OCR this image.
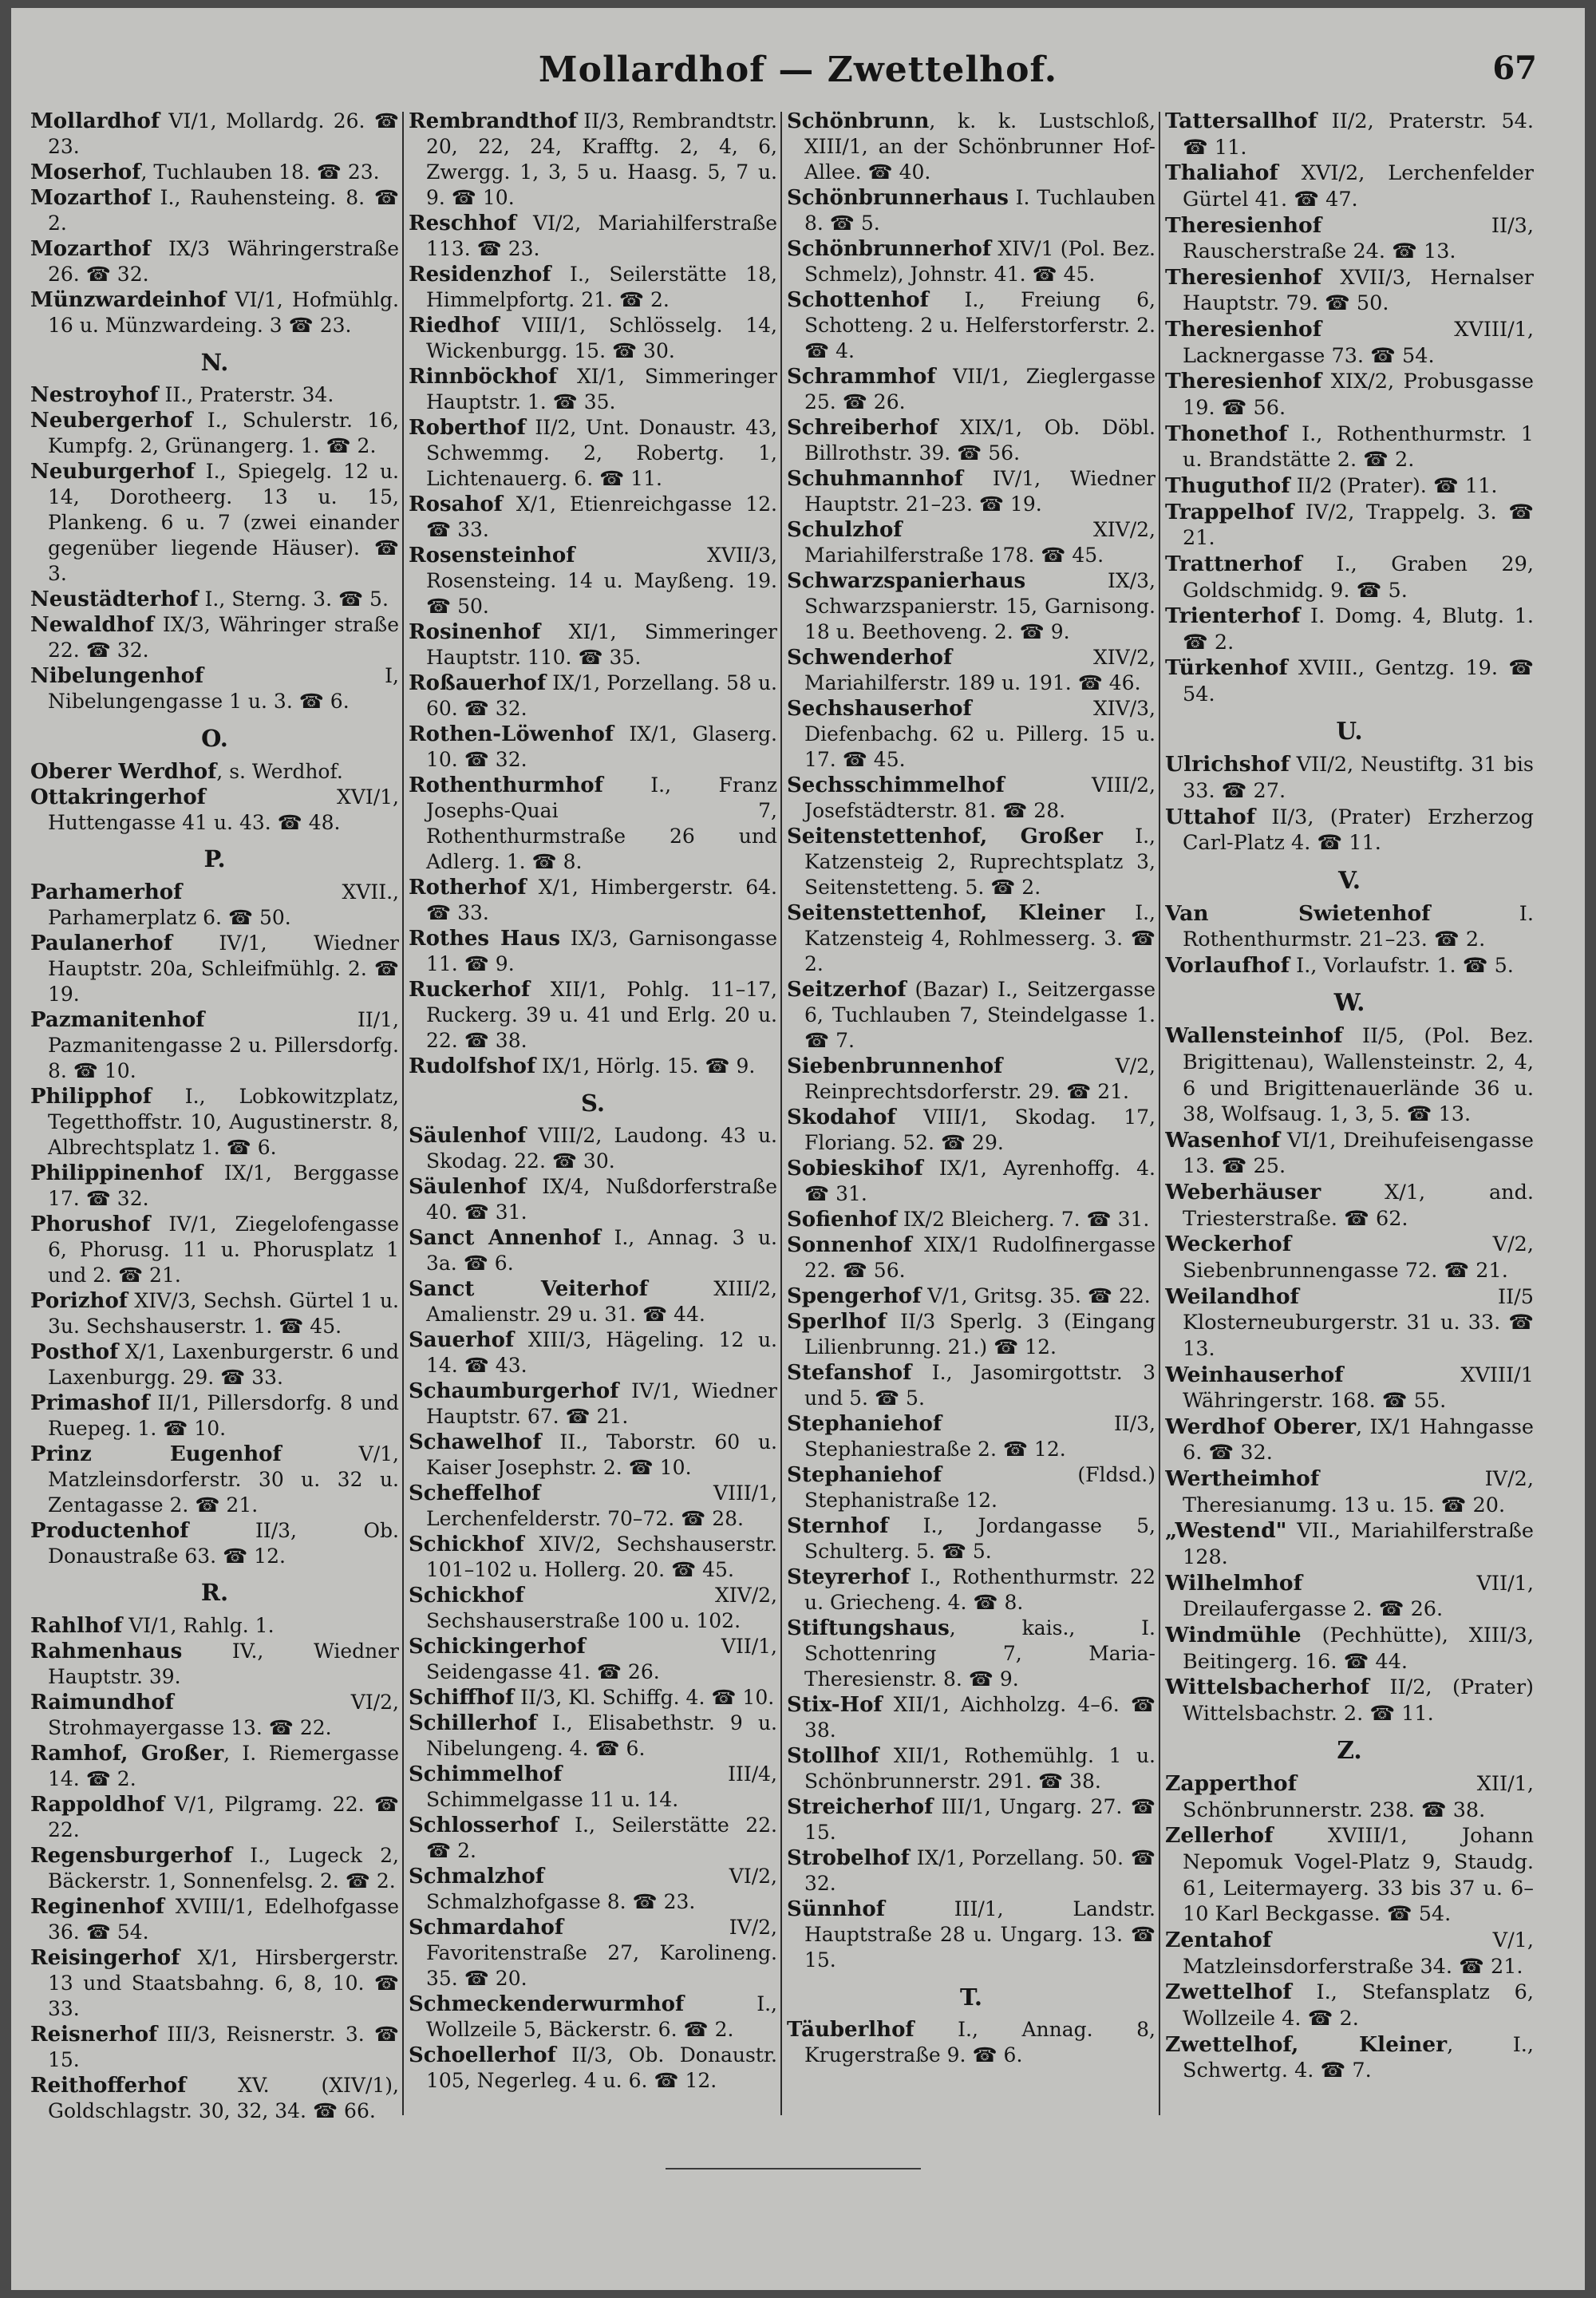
Mollardhof — Zwettelhof.	67

Mollardhof VI/1, Mollardg. 26. ☎ 23.

Moserhof, Tuchlauben 18. ☎ 23.

Mozarthof I., Rauhensteing. 8. ☎ 2.

Mozarthof IX/3 Währingerstraße 26. ☎ 32.

Münzwardeinhof VI/1, Hofmühlg. 16 u. Münzwardeing. 3 ☎ 23.

N.

Nestroyhof II., Praterstr. 34.

Neubergerhof I., Schulerstr. 16, Kumpfg. 2, Grünangerg. 1. ☎ 2.

Neuburgerhof I., Spiegelg. 12 u. 14, Dorotheerg. 13 u. 15, Plankeng. 6 u. 7 (zwei einander gegenüber liegende Häuser). ☎ 3.

Neustädterhof I., Sterng. 3. ☎ 5.

Newaldhof IX/3, Währinger straße 22. ☎ 32.

Nibelungenhof I, Nibelungengasse 1 u. 3. ☎ 6.

O.

Oberer Werdhof, s. Werdhof.

Ottakringerhof XVI/1, Huttengasse 41 u. 43. ☎ 48.

P.

Parhamerhof XVII., Parhamerplatz 6. ☎ 50.

Paulanerhof IV/1, Wiedner Hauptstr. 20a, Schleifmühlg. 2. ☎ 19.

Pazmanitenhof II/1, Pazmanitengasse 2 u. Pillersdorfg. 8. ☎ 10.

Philipphof I., Lobkowitzplatz, Tegetthoffstr. 10, Augustinerstr. 8, Albrechtsplatz 1. ☎ 6.

Philippinenhof IX/1, Berggasse 17. ☎ 32.

Phorushof IV/1, Ziegelofengasse 6, Phorusg. 11 u. Phorusplatz 1 und 2. ☎ 21.

Porizhof XIV/3, Sechsh. Gürtel 1 u. 3u. Sechshauserstr. 1. ☎ 45.

Posthof X/1, Laxenburgerstr. 6 und Laxenburgg. 29. ☎ 33.

Primashof II/1, Pillersdorfg. 8 und Ruepeg. 1. ☎ 10.

Prinz Eugenhof V/1, Matzleinsdorferstr. 30 u. 32 u. Zentagasse 2. ☎ 21.

Productenhof II/3, Ob. Donaustraße 63. ☎ 12.

R.

Rahlhof VI/1, Rahlg. 1.

Rahmenhaus IV., Wiedner Hauptstr. 39.

Raimundhof VI/2, Strohmayergasse 13. ☎ 22.

Ramhof, Großer, I. Riemergasse 14. ☎ 2.

Rappoldhof V/1, Pilgramg. 22. ☎ 22.

Regensburgerhof I., Lugeck 2, Bäckerstr. 1, Sonnenfelsg. 2. ☎ 2.

Reginenhof XVIII/1, Edelhofgasse 36. ☎ 54.

Reisingerhof X/1, Hirsbergerstr. 13 und Staatsbahng. 6, 8, 10. ☎ 33.

Reisnerhof III/3, Reisnerstr. 3. ☎ 15.

Reithofferhof XV. (XIV/1), Goldschlagstr. 30, 32, 34. ☎ 66.

Rembrandthof II/3, Rembrandtstr. 20, 22, 24, Krafftg. 2, 4, 6, Zwergg. 1, 3, 5 u. Haasg. 5, 7 u. 9. ☎ 10.

Reschhof VI/2, Mariahilferstraße 113. ☎ 23.

Residenzhof I., Seilerstätte 18, Himmelpfortg. 21. ☎ 2.

Riedhof VIII/1, Schlösselg. 14, Wickenburgg. 15. ☎ 30.

Rinnböckhof XI/1, Simmeringer Hauptstr. 1. ☎ 35.

Roberthof II/2, Unt. Donaustr. 43, Schwemmg. 2, Robertg. 1, Lichtenauerg. 6. ☎ 11.

Rosahof X/1, Etienreichgasse 12. ☎ 33.

Rosensteinhof XVII/3, Rosensteing. 14 u. Mayßeng. 19. ☎ 50.

Rosinenhof XI/1, Simmeringer Hauptstr. 110. ☎ 35.

Roßauerhof IX/1, Porzellang. 58 u. 60. ☎ 32.

Rothen-Löwenhof IX/1, Glaserg. 10. ☎ 32.

Rothenthurmhof I., Franz Josephs-Quai 7, Rothenthurmstraße 26 und Adlerg. 1. ☎ 8.

Rotherhof X/1, Himbergerstr. 64. ☎ 33.

Rothes Haus IX/3, Garnisongasse 11. ☎ 9.

Ruckerhof XII/1, Pohlg. 11–17, Ruckerg. 39 u. 41 und Erlg. 20 u. 22. ☎ 38.

Rudolfshof IX/1, Hörlg. 15. ☎ 9.

S.

Säulenhof VIII/2, Laudong. 43 u. Skodag. 22. ☎ 30.

Säulenhof IX/4, Nußdorferstraße 40. ☎ 31.

Sanct Annenhof I., Annag. 3 u. 3a. ☎ 6.

Sanct Veiterhof XIII/2, Amalienstr. 29 u. 31. ☎ 44.

Sauerhof XIII/3, Hägeling. 12 u. 14. ☎ 43.

Schaumburgerhof IV/1, Wiedner Hauptstr. 67. ☎ 21.

Schawelhof II., Taborstr. 60 u. Kaiser Josephstr. 2. ☎ 10.

Scheffelhof VIII/1, Lerchenfelderstr. 70–72. ☎ 28.

Schickhof XIV/2, Sechshauserstr. 101–102 u. Hollerg. 20. ☎ 45.

Schickhof XIV/2, Sechshauserstraße 100 u. 102.

Schickingerhof VII/1, Seidengasse 41. ☎ 26.

Schiffhof II/3, Kl. Schiffg. 4. ☎ 10.

Schillerhof I., Elisabethstr. 9 u. Nibelungeng. 4. ☎ 6.

Schimmelhof III/4, Schimmelgasse 11 u. 14.

Schlosserhof I., Seilerstätte 22. ☎ 2.

Schmalzhof VI/2, Schmalzhofgasse 8. ☎ 23.

Schmardahof IV/2, Favoritenstraße 27, Karolineng. 35. ☎ 20.

Schmeckenderwurmhof I., Wollzeile 5, Bäckerstr. 6. ☎ 2.

Schoellerhof II/3, Ob. Donaustr. 105, Negerleg. 4 u. 6. ☎ 12.

Schönbrunn, k. k. Lustschloß, XIII/1, an der Schönbrunner Hof-Allee. ☎ 40.

Schönbrunnerhaus I. Tuchlauben 8. ☎ 5.

Schönbrunnerhof XIV/1 (Pol. Bez. Schmelz), Johnstr. 41. ☎ 45.

Schottenhof I., Freiung 6, Schotteng. 2 u. Helferstorferstr. 2. ☎ 4.

Schrammhof VII/1, Zieglergasse 25. ☎ 26.

Schreiberhof XIX/1, Ob. Döbl. Billrothstr. 39. ☎ 56.

Schuhmannhof IV/1, Wiedner Hauptstr. 21–23. ☎ 19.

Schulzhof XIV/2, Mariahilferstraße 178. ☎ 45.

Schwarzspanierhaus IX/3, Schwarzspanierstr. 15, Garnisong. 18 u. Beethoveng. 2. ☎ 9.

Schwenderhof XIV/2, Mariahilferstr. 189 u. 191. ☎ 46.

Sechshauserhof XIV/3, Diefenbachg. 62 u. Pillerg. 15 u. 17. ☎ 45.

Sechsschimmelhof VIII/2, Josefstädterstr. 81. ☎ 28.

Seitenstettenhof, Großer I., Katzensteig 2, Ruprechtsplatz 3, Seitenstetteng. 5. ☎ 2.

Seitenstettenhof, Kleiner I., Katzensteig 4, Rohlmesserg. 3. ☎ 2.

Seitzerhof (Bazar) I., Seitzergasse 6, Tuchlauben 7, Steindelgasse 1. ☎ 7.

Siebenbrunnenhof V/2, Reinprechtsdorferstr. 29. ☎ 21.

Skodahof VIII/1, Skodag. 17, Floriang. 52. ☎ 29.

Sobieskihof IX/1, Ayrenhoffg. 4. ☎ 31.

Sofienhof IX/2 Bleicherg. 7. ☎ 31.

Sonnenhof XIX/1 Rudolfinergasse 22. ☎ 56.

Spengerhof V/1, Gritsg. 35. ☎ 22.

Sperlhof II/3 Sperlg. 3 (Eingang Lilienbrunng. 21.) ☎ 12.

Stefanshof I., Jasomirgottstr. 3 und 5. ☎ 5.

Stephaniehof II/3, Stephaniestraße 2. ☎ 12.

Stephaniehof (Fldsd.) Stephanistraße 12.

Sternhof I., Jordangasse 5, Schulterg. 5. ☎ 5.

Steyrerhof I., Rothenthurmstr. 22 u. Griecheng. 4. ☎ 8.

Stiftungshaus, kais., I. Schottenring 7, Maria-Theresienstr. 8. ☎ 9.

Stix-Hof XII/1, Aichholzg. 4–6. ☎ 38.

Stollhof XII/1, Rothemühlg. 1 u. Schönbrunnerstr. 291. ☎ 38.

Streicherhof III/1, Ungarg. 27. ☎ 15.

Strobelhof IX/1, Porzellang. 50. ☎ 32.

Sünnhof III/1, Landstr. Hauptstraße 28 u. Ungarg. 13. ☎ 15.

T.

Täuberlhof I., Annag. 8, Krugerstraße 9. ☎ 6.

Tattersallhof II/2, Praterstr. 54. ☎ 11.

Thaliahof XVI/2, Lerchenfelder Gürtel 41. ☎ 47.

Theresienhof II/3, Rauscherstraße 24. ☎ 13.

Theresienhof XVII/3, Hernalser Hauptstr. 79. ☎ 50.

Theresienhof XVIII/1, Lacknergasse 73. ☎ 54.

Theresienhof XIX/2, Probusgasse 19. ☎ 56.

Thonethof I., Rothenthurmstr. 1 u. Brandstätte 2. ☎ 2.

Thuguthof II/2 (Prater). ☎ 11.

Trappelhof IV/2, Trappelg. 3. ☎ 21.

Trattnerhof I., Graben 29, Goldschmidg. 9. ☎ 5.

Trienterhof I. Domg. 4, Blutg. 1. ☎ 2.

Türkenhof XVIII., Gentzg. 19. ☎ 54.

U.

Ulrichshof VII/2, Neustiftg. 31 bis 33. ☎ 27.

Uttahof II/3, (Prater) Erzherzog Carl-Platz 4. ☎ 11.

V.

Van Swietenhof I. Rothenthurmstr. 21–23. ☎ 2.

Vorlaufhof I., Vorlaufstr. 1. ☎ 5.

W.

Wallensteinhof II/5, (Pol. Bez. Brigittenau), Wallensteinstr. 2, 4, 6 und Brigittenauerlände 36 u. 38, Wolfsaug. 1, 3, 5. ☎ 13.

Wasenhof VI/1, Dreihufeisengasse 13. ☎ 25.

Weberhäuser X/1, and. Triesterstraße. ☎ 62.

Weckerhof V/2, Siebenbrunnengasse 72. ☎ 21.

Weilandhof II/5 Klosterneuburgerstr. 31 u. 33. ☎ 13.

Weinhauserhof XVIII/1 Währingerstr. 168. ☎ 55.

Werdhof Oberer, IX/1 Hahngasse 6. ☎ 32.

Wertheimhof IV/2, Theresianumg. 13 u. 15. ☎ 20.

„Westend" VII., Mariahilferstraße 128.

Wilhelmhof VII/1, Dreilaufergasse 2. ☎ 26.

Windmühle (Pechhütte), XIII/3, Beitingerg. 16. ☎ 44.

Wittelsbacherhof II/2, (Prater) Wittelsbachstr. 2. ☎ 11.

Z.

Zapperthof XII/1, Schönbrunnerstr. 238. ☎ 38.

Zellerhof XVIII/1, Johann Nepomuk Vogel-Platz 9, Staudg. 61, Leitermayerg. 33 bis 37 u. 6–10 Karl Beckgasse. ☎ 54.

Zentahof V/1, Matzleinsdorferstraße 34. ☎ 21.

Zwettelhof I., Stefansplatz 6, Wollzeile 4. ☎ 2.

Zwettelhof, Kleiner, I., Schwertg. 4. ☎ 7.
